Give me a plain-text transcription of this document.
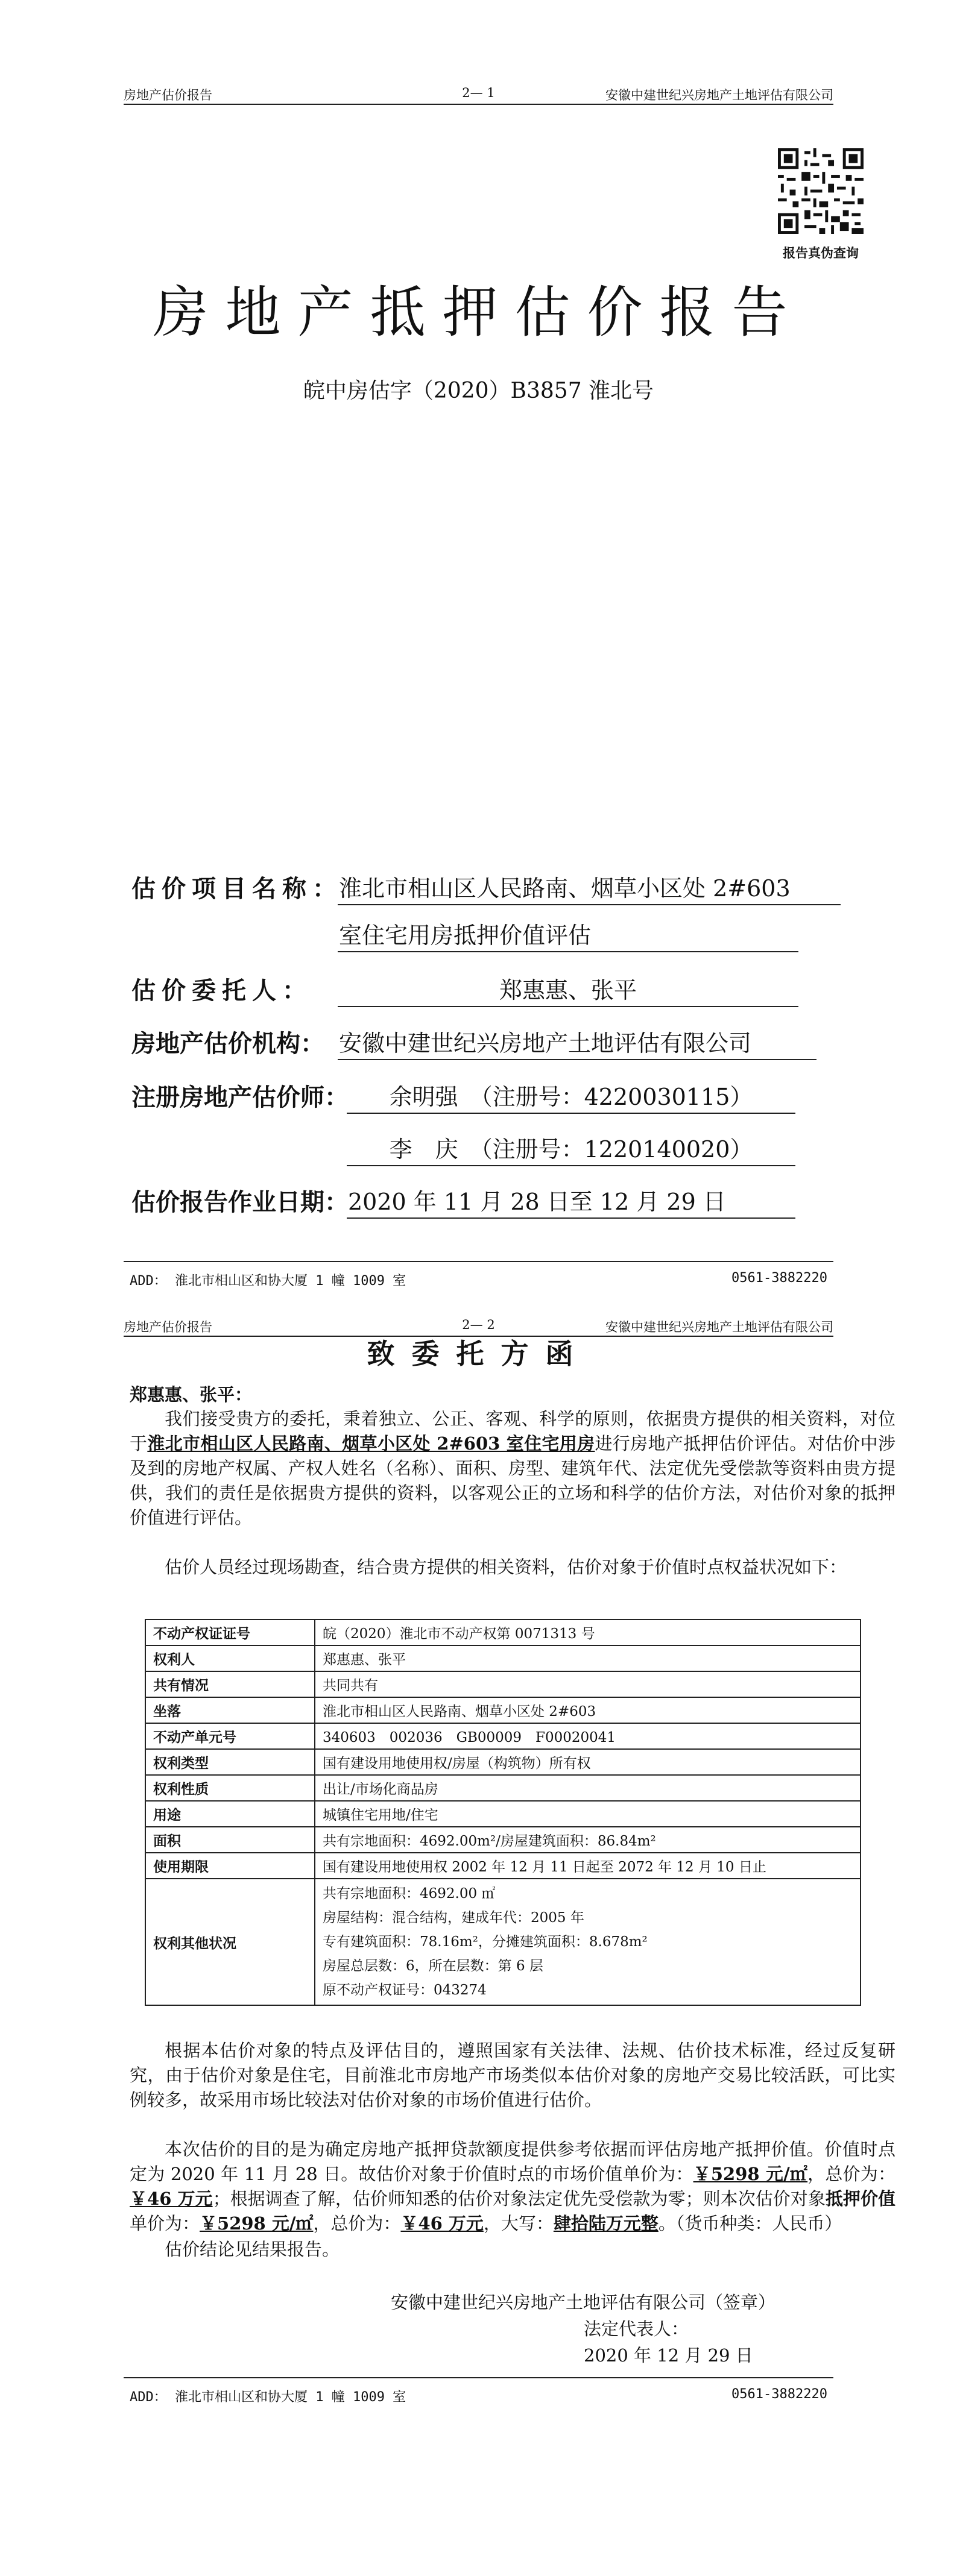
房地产估价报告	2— 1	安徽中建世纪兴房地产土地评估有限公司
报告真伪查询
房地产抵押估价报告
皖中房估字（2020）B3857 淮北号
估价项目名称：
淮北市相山区人民路南、烟草小区处 2#603
室住宅用房抵押价值评估
估价委托人：	郑惠惠、张平
房地产估价机构： 安徽中建世纪兴房地产土地评估有限公司
注册房地产估价师：	余明强　（注册号：4220030115）
李　庆　（注册号：1220140020）
估价报告作业日期： 2020 年 11 月 28 日至 12 月 29 日
ADD： 淮北市相山区和协大厦 1 幢 1009 室	0561-3882220
房地产估价报告	2— 2	安徽中建世纪兴房地产土地评估有限公司
致委托方函
郑惠惠、张平：
我们接受贵方的委托，秉着独立、公正、客观、科学的原则，依据贵方提供的相关资料，对位于淮北市相山区人民路南、烟草小区处 2#603 室住宅用房进行房地产抵押估价评估。对估价中涉及到的房地产权属、产权人姓名（名称）、面积、房型、建筑年代、法定优先受偿款等资料由贵方提供，我们的责任是依据贵方提供的资料，以客观公正的立场和科学的估价方法，对估价对象的抵押价值进行评估。
估价人员经过现场勘查，结合贵方提供的相关资料，估价对象于价值时点权益状况如下：
不动产权证证号	皖（2020）淮北市不动产权第 0071313 号
权利人	郑惠惠、张平
共有情况	共同共有
坐落	淮北市相山区人民路南、烟草小区处 2#603
不动产单元号	340603　002036　GB00009　F00020041
权利类型	国有建设用地使用权/房屋（构筑物）所有权
权利性质	出让/市场化商品房
用途	城镇住宅用地/住宅
面积	共有宗地面积：4692.00m²/房屋建筑面积：86.84m²
使用期限	国有建设用地使用权 2002 年 12 月 11 日起至 2072 年 12 月 10 日止
权利其他状况	共有宗地面积：4692.00 ㎡
房屋结构：混合结构，建成年代：2005 年
专有建筑面积：78.16m²，分摊建筑面积：8.678m²
房屋总层数：6，所在层数：第 6 层
原不动产权证号：043274
根据本估价对象的特点及评估目的，遵照国家有关法律、法规、估价技术标准，经过反复研究，由于估价对象是住宅，目前淮北市房地产市场类似本估价对象的房地产交易比较活跃，可比实例较多，故采用市场比较法对估价对象的市场价值进行估价。
本次估价的目的是为确定房地产抵押贷款额度提供参考依据而评估房地产抵押价值。价值时点定为 2020 年 11 月 28 日。故估价对象于价值时点的市场价值单价为：￥5298 元/㎡，总价为：￥46 万元；根据调查了解，估价师知悉的估价对象法定优先受偿款为零；则本次估价对象抵押价值单价为：￥5298 元/㎡，总价为：￥46 万元，大写：肆拾陆万元整。（货币种类：人民币）
估价结论见结果报告。
安徽中建世纪兴房地产土地评估有限公司（签章）
法定代表人：
2020 年 12 月 29 日
ADD： 淮北市相山区和协大厦 1 幢 1009 室	0561-3882220
